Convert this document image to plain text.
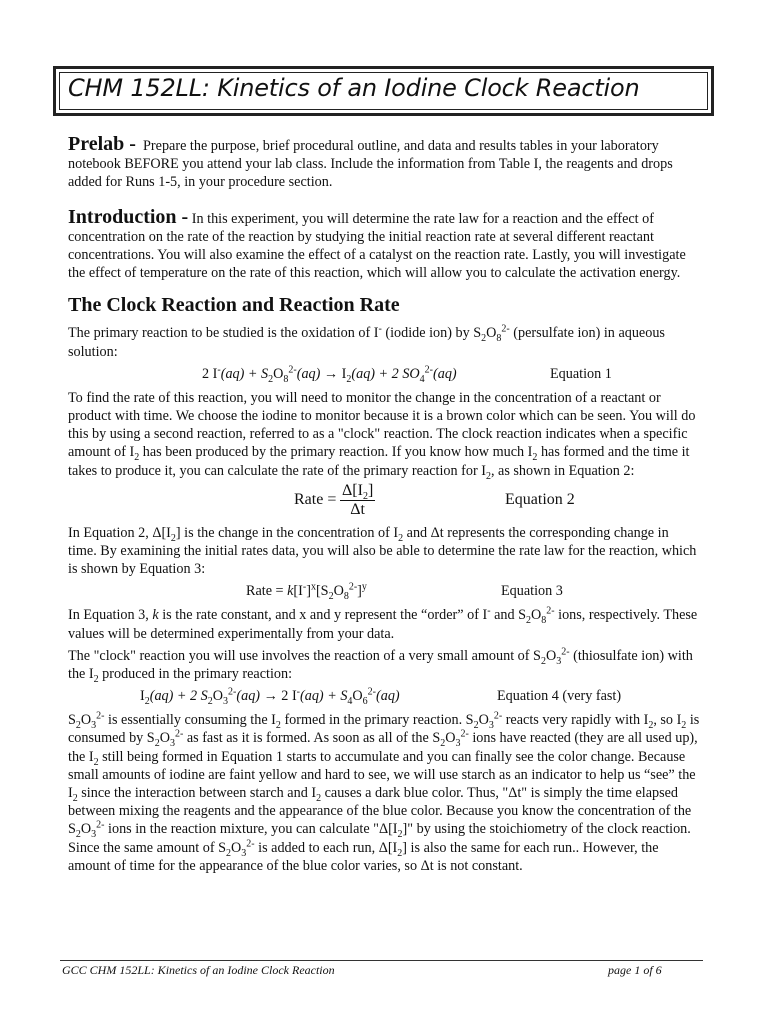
CHM 152LL: Kinetics of an Iodine Clock Reaction

Prelab - Prepare the purpose, brief procedural outline, and data and results tables in your laboratory notebook BEFORE you attend your lab class. Include the information from Table I, the reagents and drops added for Runs 1-5, in your procedure section.

Introduction - In this experiment, you will determine the rate law for a reaction and the effect of concentration on the rate of the reaction by studying the initial reaction rate at several different reactant concentrations. You will also examine the effect of a catalyst on the reaction rate. Lastly, you will investigate the effect of temperature on the rate of this reaction, which will allow you to calculate the activation energy.

The Clock Reaction and Reaction Rate

The primary reaction to be studied is the oxidation of I- (iodide ion) by $S_2O_8^{2-}$ (persulfate ion) in aqueous solution:

2 $I^-(aq) + S_2O_8^{2-}(aq) \to I_2(aq) + 2$ $SO_4^{2-}(aq)$	Equation 1

To find the rate of this reaction, you will need to monitor the change in the concentration of a reactant or product with time. We choose the iodine to monitor because it is a brown color which can be seen. You will do this by using a second reaction, referred to as a "clock" reaction. The clock reaction indicates when a specific amount of $I_2$ has been produced by the primary reaction. If you know how much $I_2$ has formed and the time it takes to produce it, you can calculate the rate of the primary reaction for $I_2$, as shown in Equation 2:

Rate = $\frac{\Delta[I_2]}{\Delta t}$	Equation 2

In Equation 2, $\Delta[I_2]$ is the change in the concentration of $I_2$ and Δt represents the corresponding change in time. By examining the initial rates data, you will also be able to determine the rate law for the reaction, which is shown by Equation 3:

Rate = $k[I^-]^x[S_2O_8^{2-}]^y$	Equation 3

In Equation 3, k is the rate constant, and x and y represent the “order” of I- and $S_2O_8^{2-}$ ions, respectively. These values will be determined experimentally from your data.

The "clock" reaction you will use involves the reaction of a very small amount of $S_2O_3^{2-}$ (thiosulfate ion) with the $I_2$ produced in the primary reaction:

$I_2(aq) + 2$ $S_2O_3^{2-}(aq) \to 2$ $I^-(aq) + S_4O_6^{2-}(aq)$	Equation 4 (very fast)

$S_2O_3^{2-}$ is essentially consuming the $I_2$ formed in the primary reaction. $S_2O_3^{2-}$ reacts very rapidly with $I_2$, so $I_2$ is consumed by $S_2O_3^{2-}$ as fast as it is formed. As soon as all of the $S_2O_3^{2-}$ ions have reacted (they are all used up), the $I_2$ still being formed in Equation 1 starts to accumulate and you can finally see the color change. Because small amounts of iodine are faint yellow and hard to see, we will use starch as an indicator to help us “see” the $I_2$ since the interaction between starch and $I_2$ causes a dark blue color. Thus, "Δt" is simply the time elapsed between mixing the reagents and the appearance of the blue color. Because you know the concentration of the $S_2O_3^{2-}$ ions in the reaction mixture, you can calculate "$\Delta[I_2]$" by using the stoichiometry of the clock reaction. Since the same amount of $S_2O_3^{2-}$ is added to each run, $\Delta[I_2]$ is also the same for each run.. However, the amount of time for the appearance of the blue color varies, so Δt is not constant.

GCC CHM 152LL: Kinetics of an Iodine Clock Reaction	page 1 of 6
